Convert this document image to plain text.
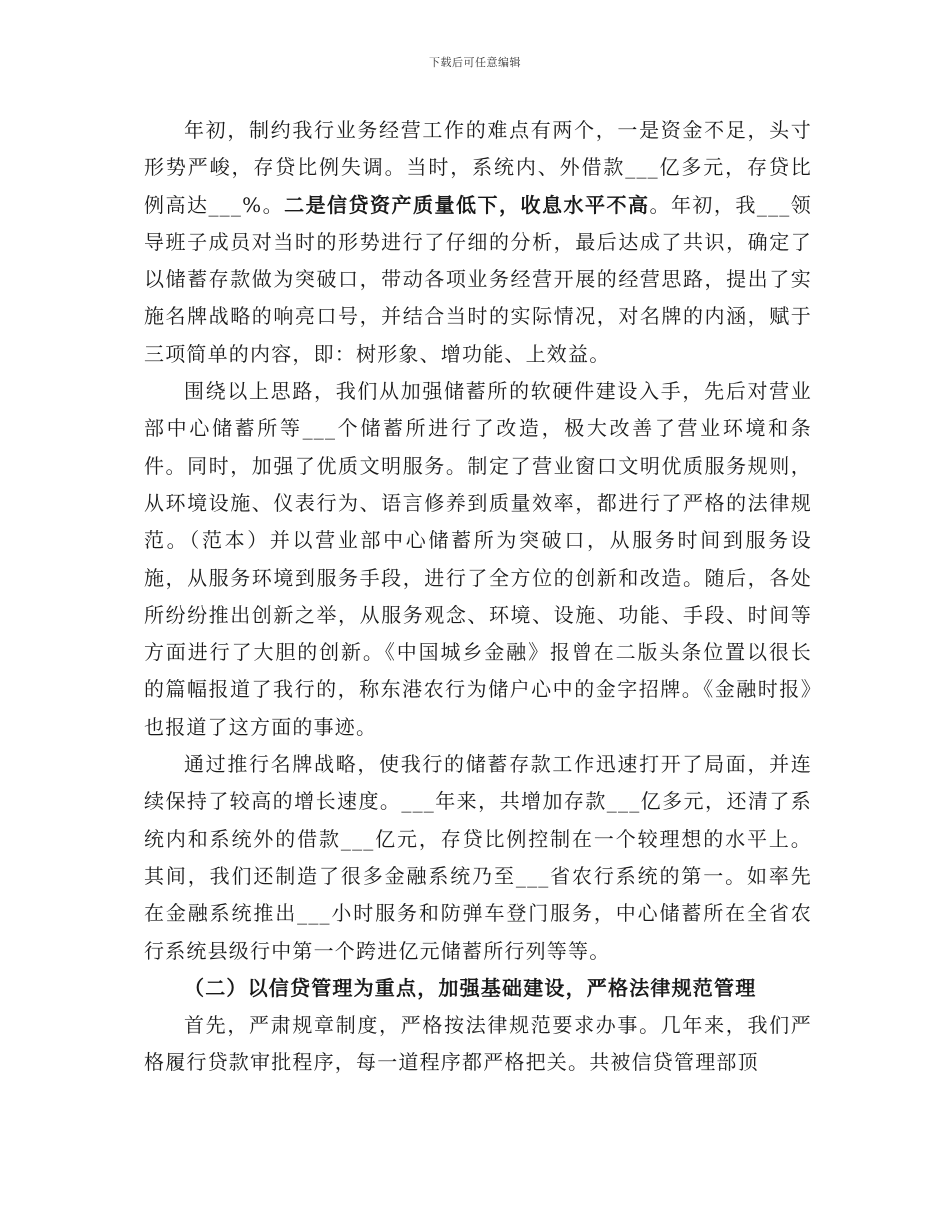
下载后可任意编辑

年初，制约我行业务经营工作的难点有两个，一是资金不足，头寸形势严峻，存贷比例失调。当时，系统内、外借款___亿多元，存贷比例高达___%。二是信贷资产质量低下，收息水平不高。年初，我___领导班子成员对当时的形势进行了仔细的分析，最后达成了共识，确定了以储蓄存款做为突破口，带动各项业务经营开展的经营思路，提出了实施名牌战略的响亮口号，并结合当时的实际情况，对名牌的内涵，赋于三项简单的内容，即：树形象、增功能、上效益。

围绕以上思路，我们从加强储蓄所的软硬件建设入手，先后对营业部中心储蓄所等___个储蓄所进行了改造，极大改善了营业环境和条件。同时，加强了优质文明服务。制定了营业窗口文明优质服务规则，从环境设施、仪表行为、语言修养到质量效率，都进行了严格的法律规范。（范本）并以营业部中心储蓄所为突破口，从服务时间到服务设施，从服务环境到服务手段，进行了全方位的创新和改造。随后，各处所纷纷推出创新之举，从服务观念、环境、设施、功能、手段、时间等方面进行了大胆的创新。《中国城乡金融》报曾在二版头条位置以很长的篇幅报道了我行的，称东港农行为储户心中的金字招牌。《金融时报》也报道了这方面的事迹。

通过推行名牌战略，使我行的储蓄存款工作迅速打开了局面，并连续保持了较高的增长速度。___年来，共增加存款___亿多元，还清了系统内和系统外的借款___亿元，存贷比例控制在一个较理想的水平上。其间，我们还制造了很多金融系统乃至___省农行系统的第一。如率先在金融系统推出___小时服务和防弹车登门服务，中心储蓄所在全省农行系统县级行中第一个跨进亿元储蓄所行列等等。

（二）以信贷管理为重点，加强基础建设，严格法律规范管理

首先，严肃规章制度，严格按法律规范要求办事。几年来，我们严格履行贷款审批程序，每一道程序都严格把关。共被信贷管理部顶
